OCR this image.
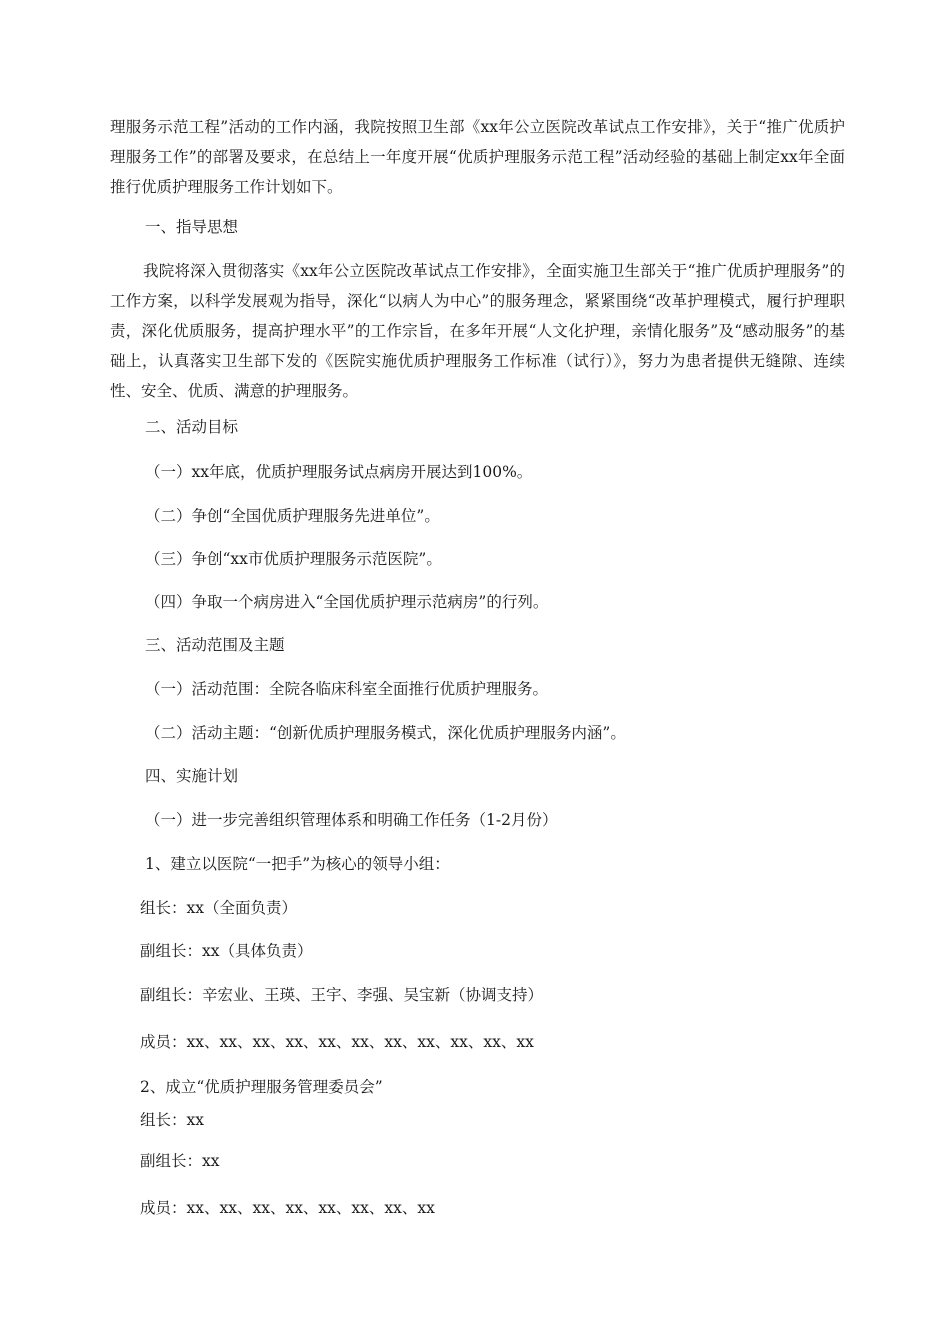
理服务示范工程”活动的工作内涵，我院按照卫生部《xx年公立医院改革试点工作安排》，关于“推广优质护理服务工作”的部署及要求，在总结上一年度开展“优质护理服务示范工程”活动经验的基础上制定xx年全面推行优质护理服务工作计划如下。

一、指导思想

我院将深入贯彻落实《xx年公立医院改革试点工作安排》，全面实施卫生部关于“推广优质护理服务”的工作方案，以科学发展观为指导，深化“以病人为中心”的服务理念，紧紧围绕“改革护理模式，履行护理职责，深化优质服务，提高护理水平”的工作宗旨，在多年开展“人文化护理，亲情化服务”及“感动服务”的基础上，认真落实卫生部下发的《医院实施优质护理服务工作标准（试行）》，努力为患者提供无缝隙、连续性、安全、优质、满意的护理服务。

二、活动目标
（一）xx年底，优质护理服务试点病房开展达到100%。
（二）争创“全国优质护理服务先进单位”。
（三）争创“xx市优质护理服务示范医院”。
（四）争取一个病房进入“全国优质护理示范病房”的行列。
三、活动范围及主题
（一）活动范围：全院各临床科室全面推行优质护理服务。
（二）活动主题：“创新优质护理服务模式，深化优质护理服务内涵”。
四、实施计划
（一）进一步完善组织管理体系和明确工作任务（1-2月份）
1、建立以医院“一把手”为核心的领导小组：
组长：xx（全面负责）
副组长：xx（具体负责）
副组长：辛宏业、王瑛、王宇、李强、吴宝新（协调支持）
成员：xx、xx、xx、xx、xx、xx、xx、xx、xx、xx、xx
2、成立“优质护理服务管理委员会”
组长：xx
副组长：xx
成员：xx、xx、xx、xx、xx、xx、xx、xx
